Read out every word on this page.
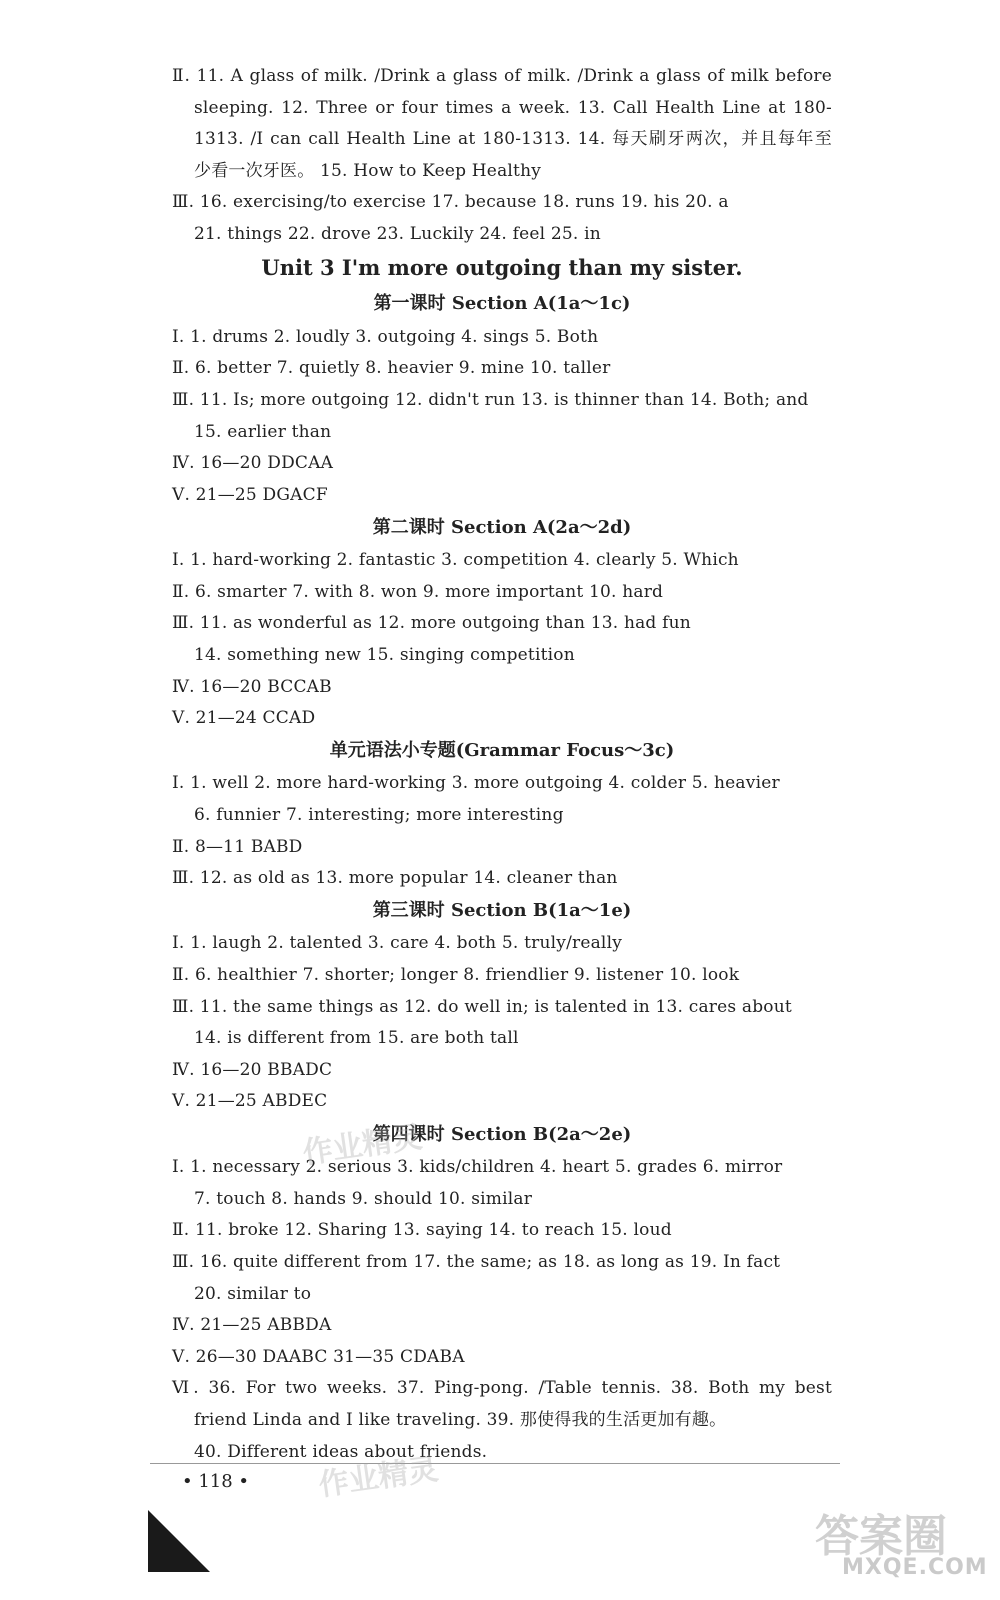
Ⅱ. 11. A glass of milk. /Drink a glass of milk. /Drink a glass of milk before
sleeping. 12. Three or four times a week. 13. Call Health Line at 180-
1313. /I can call Health Line at 180-1313. 14. 每天刷牙两次，并且每年至
少看一次牙医。 15. How to Keep Healthy
Ⅲ. 16. exercising/to exercise 17. because 18. runs 19. his 20. a
21. things 22. drove 23. Luckily 24. feel 25. in
Unit 3 I'm more outgoing than my sister.
第一课时 Section A(1a～1c)
Ⅰ. 1. drums 2. loudly 3. outgoing 4. sings 5. Both
Ⅱ. 6. better 7. quietly 8. heavier 9. mine 10. taller
Ⅲ. 11. Is; more outgoing 12. didn't run 13. is thinner than 14. Both; and
15. earlier than
Ⅳ. 16—20 DDCAA
Ⅴ. 21—25 DGACF
第二课时 Section A(2a～2d)
Ⅰ. 1. hard-working 2. fantastic 3. competition 4. clearly 5. Which
Ⅱ. 6. smarter 7. with 8. won 9. more important 10. hard
Ⅲ. 11. as wonderful as 12. more outgoing than 13. had fun
14. something new 15. singing competition
Ⅳ. 16—20 BCCAB
Ⅴ. 21—24 CCAD
单元语法小专题(Grammar Focus～3c)
Ⅰ. 1. well 2. more hard-working 3. more outgoing 4. colder 5. heavier
6. funnier 7. interesting; more interesting
Ⅱ. 8—11 BABD
Ⅲ. 12. as old as 13. more popular 14. cleaner than
第三课时 Section B(1a～1e)
Ⅰ. 1. laugh 2. talented 3. care 4. both 5. truly/really
Ⅱ. 6. healthier 7. shorter; longer 8. friendlier 9. listener 10. look
Ⅲ. 11. the same things as 12. do well in; is talented in 13. cares about
14. is different from 15. are both tall
Ⅳ. 16—20 BBADC
Ⅴ. 21—25 ABDEC
第四课时 Section B(2a～2e)
Ⅰ. 1. necessary 2. serious 3. kids/children 4. heart 5. grades 6. mirror
7. touch 8. hands 9. should 10. similar
Ⅱ. 11. broke 12. Sharing 13. saying 14. to reach 15. loud
Ⅲ. 16. quite different from 17. the same; as 18. as long as 19. In fact
20. similar to
Ⅳ. 21—25 ABBDA
Ⅴ. 26—30 DAABC 31—35 CDABA
Ⅵ. 36. For two weeks. 37. Ping-pong. /Table tennis. 38. Both my best
friend Linda and I like traveling. 39. 那使得我的生活更加有趣。
40. Different ideas about friends.
• 118 •
作业精灵
作业精灵
答案圈
MXQE.COM
